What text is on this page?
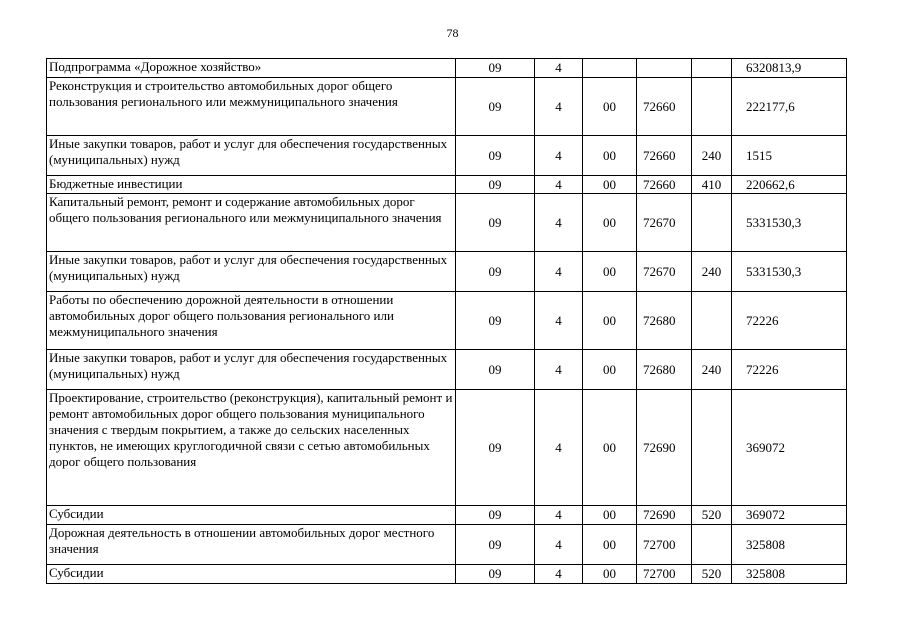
78
Подпрограмма «Дорожное хозяйство»	09	4				6320813,9
Реконструкция и строительство автомобильных дорог общего пользования регионального или межмуниципального значения	09	4	00	72660		222177,6
Иные закупки товаров, работ и услуг для обеспечения государственных (муниципальных) нужд	09	4	00	72660	240	1515
Бюджетные инвестиции	09	4	00	72660	410	220662,6
Капитальный ремонт, ремонт и содержание автомобильных дорог общего пользования регионального или межмуниципального значения	09	4	00	72670		5331530,3
Иные закупки товаров, работ и услуг для обеспечения государственных (муниципальных) нужд	09	4	00	72670	240	5331530,3
Работы по обеспечению дорожной деятельности в отношении автомобильных дорог общего пользования регионального или межмуниципального значения	09	4	00	72680		72226
Иные закупки товаров, работ и услуг для обеспечения государственных (муниципальных) нужд	09	4	00	72680	240	72226
Проектирование, строительство (реконструкция), капитальный ремонт и ремонт автомобильных дорог общего пользования муниципального значения с твердым покрытием, а также до сельских населенных пунктов, не имеющих круглогодичной связи с сетью автомобильных дорог общего пользования	09	4	00	72690		369072
Субсидии	09	4	00	72690	520	369072
Дорожная деятельность в отношении автомобильных дорог местного значения	09	4	00	72700		325808
Субсидии	09	4	00	72700	520	325808
